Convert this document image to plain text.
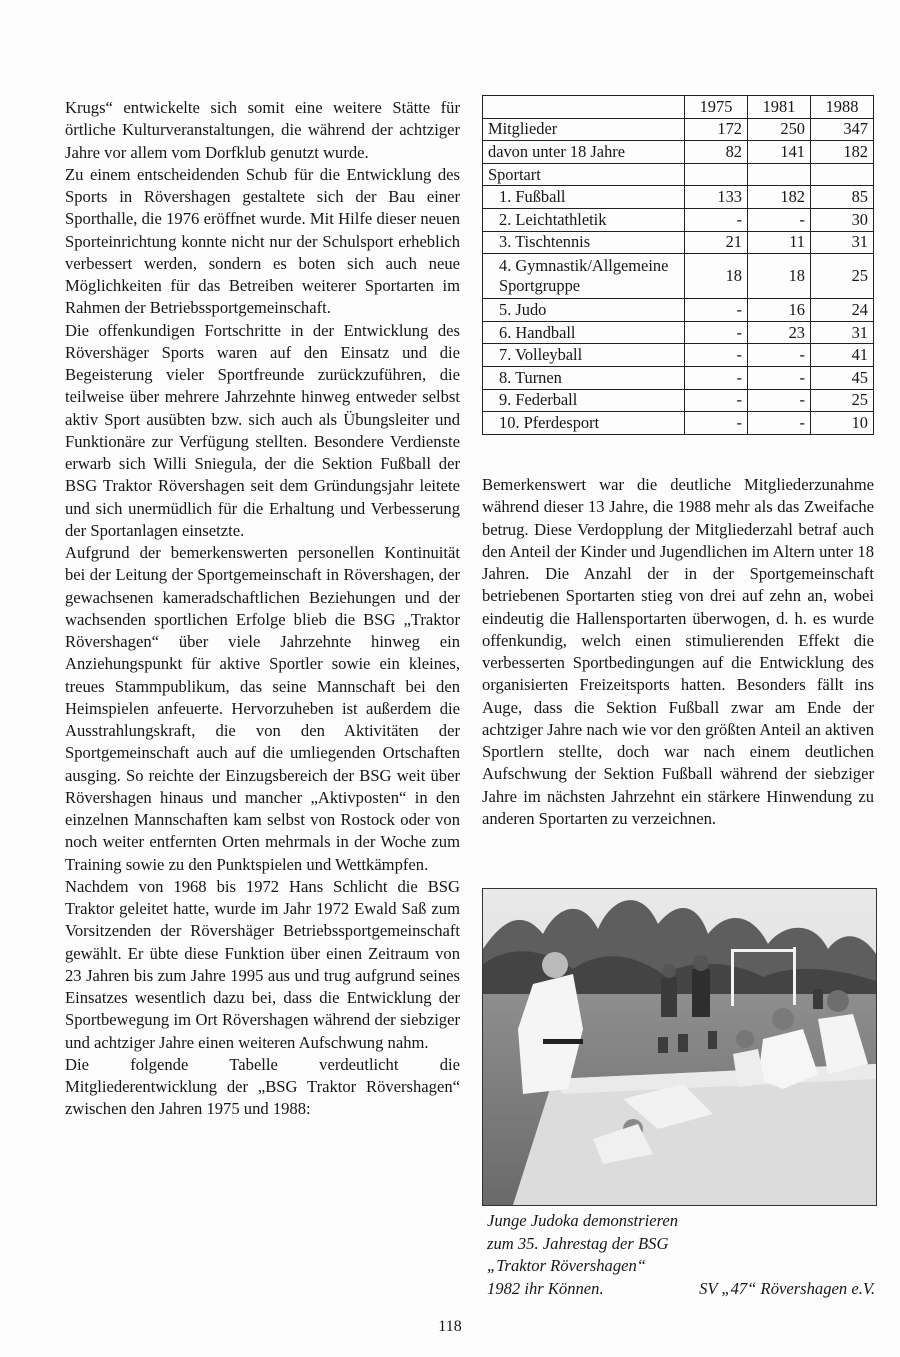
Krugs“ entwickelte sich somit eine weitere Stätte für örtliche Kulturveranstaltungen, die während der achtziger Jahre vor allem vom Dorfklub genutzt wurde.

Zu einem entscheidenden Schub für die Entwicklung des Sports in Rövershagen gestaltete sich der Bau einer Sporthalle, die 1976 eröffnet wurde. Mit Hilfe dieser neuen Sporteinrichtung konnte nicht nur der Schulsport erheblich verbessert werden, sondern es boten sich auch neue Möglichkeiten für das Betreiben weiterer Sportarten im Rahmen der Betriebssportgemeinschaft.

Die offenkundigen Fortschritte in der Entwicklung des Rövershäger Sports waren auf den Einsatz und die Begeisterung vieler Sportfreunde zurückzuführen, die teilweise über mehrere Jahrzehnte hinweg entweder selbst aktiv Sport ausübten bzw. sich auch als Übungsleiter und Funktionäre zur Verfügung stellten. Besondere Verdienste erwarb sich Willi Sniegula, der die Sektion Fußball der BSG Traktor Rövershagen seit dem Gründungsjahr leitete und sich unermüdlich für die Erhaltung und Verbesserung der Sportanlagen einsetzte.

Aufgrund der bemerkenswerten personellen Kontinuität bei der Leitung der Sportgemeinschaft in Rövershagen, der gewachsenen kameradschaftlichen Beziehungen und der wachsenden sportlichen Erfolge blieb die BSG „Traktor Rövershagen“ über viele Jahrzehnte hinweg ein Anziehungspunkt für aktive Sportler sowie ein kleines, treues Stammpublikum, das seine Mannschaft bei den Heimspielen anfeuerte. Hervorzuheben ist außerdem die Ausstrahlungskraft, die von den Aktivitäten der Sportgemeinschaft auch auf die umliegenden Ortschaften ausging. So reichte der Einzugsbereich der BSG weit über Rövershagen hinaus und mancher „Aktivposten“ in den einzelnen Mannschaften kam selbst von Rostock oder von noch weiter entfernten Orten mehrmals in der Woche zum Training sowie zu den Punktspielen und Wettkämpfen.

Nachdem von 1968 bis 1972 Hans Schlicht die BSG Traktor geleitet hatte, wurde im Jahr 1972 Ewald Saß zum Vorsitzenden der Rövershäger Betriebssportgemeinschaft gewählt. Er übte diese Funktion über einen Zeitraum von 23 Jahren bis zum Jahre 1995 aus und trug aufgrund seines Einsatzes wesentlich dazu bei, dass die Entwicklung der Sportbewegung im Ort Rövershagen während der siebziger und achtziger Jahre einen weiteren Aufschwung nahm.

Die folgende Tabelle verdeutlicht die Mitgliederentwicklung der „BSG Traktor Rövershagen“ zwischen den Jahren 1975 und 1988:

	1975	1981	1988
Mitglieder	172	250	347
davon unter 18 Jahre	82	141	182
Sportart			
1. Fußball	133	182	85
2. Leichtathletik	-	-	30
3. Tischtennis	21	11	31
4. Gymnastik/Allgemeine Sportgruppe	18	18	25
5. Judo	-	16	24
6. Handball	-	23	31
7. Volleyball	-	-	41
8. Turnen	-	-	45
9. Federball	-	-	25
10. Pferdesport	-	-	10

Bemerkenswert war die deutliche Mitgliederzunahme während dieser 13 Jahre, die 1988 mehr als das Zweifache betrug. Diese Verdopplung der Mitgliederzahl betraf auch den Anteil der Kinder und Jugendlichen im Altern unter 18 Jahren. Die Anzahl der in der Sportgemeinschaft betriebenen Sportarten stieg von drei auf zehn an, wobei eindeutig die Hallensportarten überwogen, d. h. es wurde offenkundig, welch einen stimulierenden Effekt die verbesserten Sportbedingungen auf die Entwicklung des organisierten Freizeitsports hatten. Besonders fällt ins Auge, dass die Sektion Fußball zwar am Ende der achtziger Jahre nach wie vor den größten Anteil an aktiven Sportlern stellte, doch war nach einem deutlichen Aufschwung der Sektion Fußball während der siebziger Jahre im nächsten Jahrzehnt ein stärkere Hinwendung zu anderen Sportarten zu verzeichnen.

Junge Judoka demonstrieren
zum 35. Jahrestag der BSG
„Traktor Rövershagen“
1982 ihr Können.	SV „47“ Rövershagen e.V.
118
